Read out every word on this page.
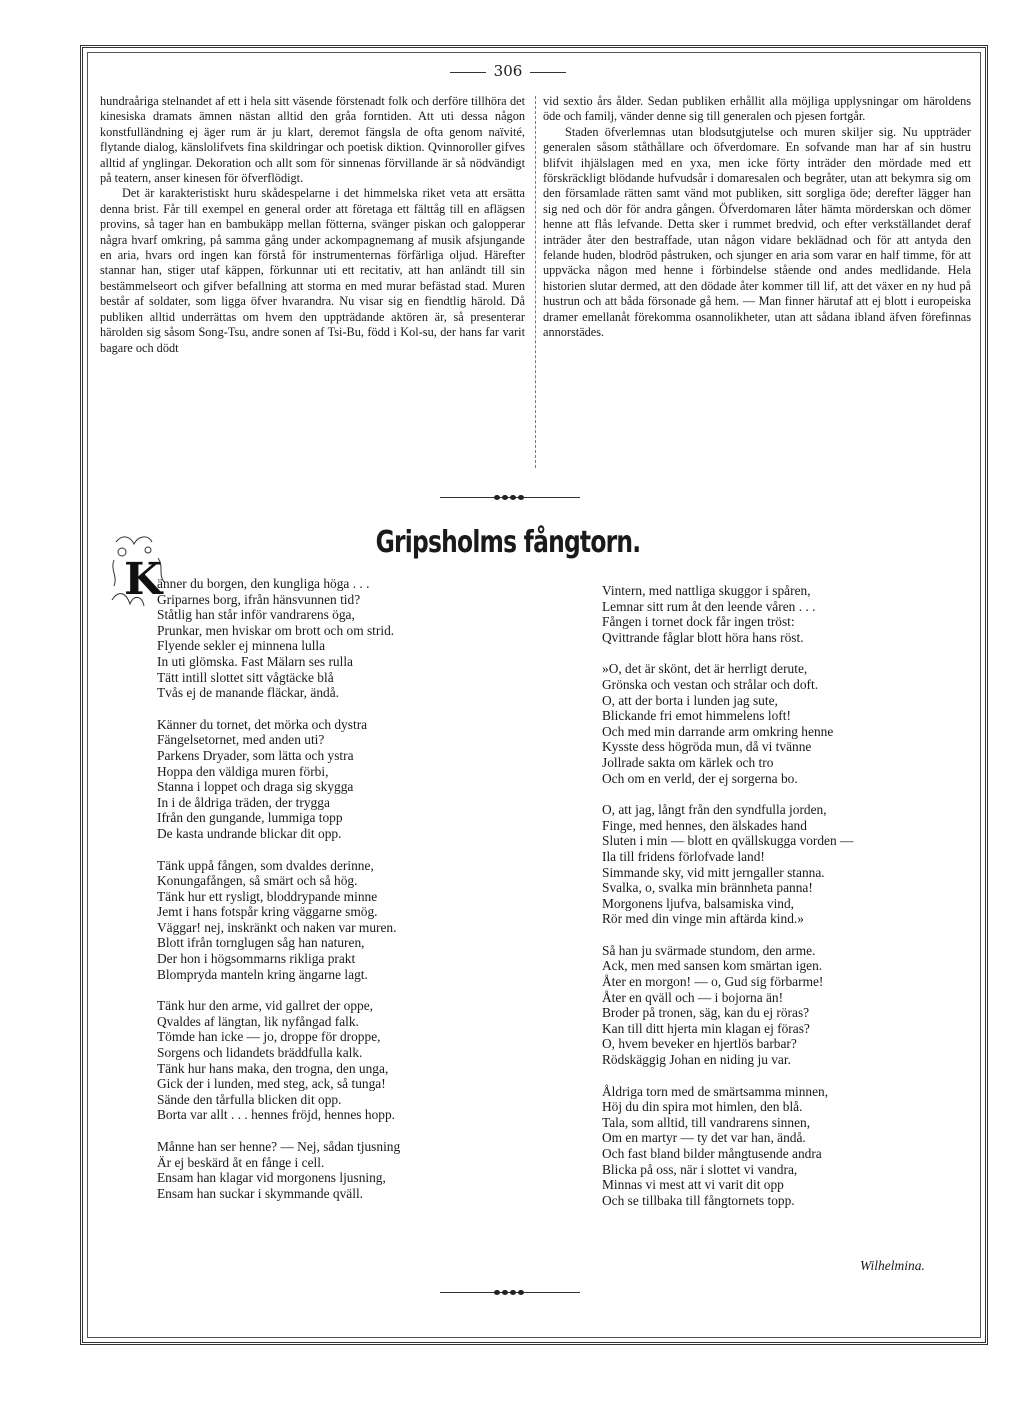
306

hundraåriga stelnandet af ett i hela sitt väsende förstenadt folk och derföre tillhöra det kinesiska dramats ämnen nästan alltid den gråa forntiden. Att uti dessa någon konstfulländning ej äger rum är ju klart, deremot fängsla de ofta genom naïvité, flytande dialog, känslolifvets fina skildringar och poetisk diktion. Qvinnoroller gifves alltid af ynglingar. Dekoration och allt som för sinnenas förvillande är så nödvändigt på teatern, anser kinesen för öfverflödigt.

Det är karakteristiskt huru skådespelarne i det himmelska riket veta att ersätta denna brist. Får till exempel en general order att företaga ett fälttåg till en aflägsen provins, så tager han en bambukäpp mellan fötterna, svänger piskan och galopperar några hvarf omkring, på samma gång under ackompagnemang af musik afsjungande en aria, hvars ord ingen kan förstå för instrumenternas förfärliga oljud. Härefter stannar han, stiger utaf käppen, förkunnar uti ett recitativ, att han anländt till sin bestämmelseort och gifver befallning att storma en med murar befästad stad. Muren består af soldater, som ligga öfver hvarandra. Nu visar sig en fiendtlig härold. Då publiken alltid underrättas om hvem den uppträdande aktören är, så presenterar härolden sig såsom Song-Tsu, andre sonen af Tsi-Bu, född i Kol-su, der hans far varit bagare och dödt

vid sextio års ålder. Sedan publiken erhållit alla möjliga upplysningar om häroldens öde och familj, vänder denne sig till generalen och pjesen fortgår.

Staden öfverlemnas utan blodsutgjutelse och muren skiljer sig. Nu uppträder generalen såsom ståthållare och öfverdomare. En sofvande man har af sin hustru blifvit ihjälslagen med en yxa, men icke förty inträder den mördade med ett förskräckligt blödande hufvudsår i domaresalen och begråter, utan att bekymra sig om den församlade rätten samt vänd mot publiken, sitt sorgliga öde; derefter lägger han sig ned och dör för andra gången. Öfverdomaren låter hämta mörderskan och dömer henne att flås lefvande. Detta sker i rummet bredvid, och efter verkställandet deraf inträder åter den bestraffade, utan någon vidare beklädnad och för att antyda den felande huden, blodröd påstruken, och sjunger en aria som varar en half timme, för att uppväcka någon med henne i förbindelse stående ond andes medlidande. Hela historien slutar dermed, att den dödade åter kommer till lif, att det växer en ny hud på hustrun och att båda försonade gå hem. — Man finner härutaf att ej blott i europeiska dramer emellanåt förekomma osannolikheter, utan att sådana ibland äfven förefinnas annorstädes.

Gripsholms fångtorn.
K
änner du borgen, den kungliga höga . . .
Griparnes borg, ifrån hänsvunnen tid?
Ståtlig han står inför vandrarens öga,
Prunkar, men hviskar om brott och om strid.
Flyende sekler ej minnena lulla
In uti glömska. Fast Mälarn ses rulla
Tätt intill slottet sitt vågtäcke blå
Tvås ej de manande fläckar, ändå.
Känner du tornet, det mörka och dystra
Fängelsetornet, med anden uti?
Parkens Dryader, som lätta och ystra
Hoppa den väldiga muren förbi,
Stanna i loppet och draga sig skygga
In i de åldriga träden, der trygga
Ifrån den gungande, lummiga topp
De kasta undrande blickar dit opp.
Tänk uppå fången, som dvaldes derinne,
Konungafången, så smärt och så hög.
Tänk hur ett rysligt, bloddrypande minne
Jemt i hans fotspår kring väggarne smög.
Väggar! nej, inskränkt och naken var muren.
Blott ifrån tornglugen såg han naturen,
Der hon i högsommarns rikliga prakt
Blompryda manteln kring ängarne lagt.
Tänk hur den arme, vid gallret der oppe,
Qvaldes af längtan, lik nyfångad falk.
Tömde han icke — jo, droppe för droppe,
Sorgens och lidandets bräddfulla kalk.
Tänk hur hans maka, den trogna, den unga,
Gick der i lunden, med steg, ack, så tunga!
Sände den tårfulla blicken dit opp.
Borta var allt . . . hennes fröjd, hennes hopp.
Månne han ser henne? — Nej, sådan tjusning
Är ej beskärd åt en fånge i cell.
Ensam han klagar vid morgonens ljusning,
Ensam han suckar i skymmande qväll.
Vintern, med nattliga skuggor i spåren,
Lemnar sitt rum åt den leende våren . . .
Fången i tornet dock får ingen tröst:
Qvittrande fåglar blott höra hans röst.
»O, det är skönt, det är herrligt derute,
Grönska och vestan och strålar och doft.
O, att der borta i lunden jag sute,
Blickande fri emot himmelens loft!
Och med min darrande arm omkring henne
Kysste dess högröda mun, då vi tvänne
Jollrade sakta om kärlek och tro
Och om en verld, der ej sorgerna bo.
O, att jag, långt från den syndfulla jorden,
Finge, med hennes, den älskades hand
Sluten i min — blott en qvällskugga vorden —
Ila till fridens förlofvade land!
Simmande sky, vid mitt jerngaller stanna.
Svalka, o, svalka min brännheta panna!
Morgonens ljufva, balsamiska vind,
Rör med din vinge min aftärda kind.»
Så han ju svärmade stundom, den arme.
Ack, men med sansen kom smärtan igen.
Åter en morgon! — o, Gud sig förbarme!
Åter en qväll och — i bojorna än!
Broder på tronen, säg, kan du ej röras?
Kan till ditt hjerta min klagan ej föras?
O, hvem beveker en hjertlös barbar?
Rödskäggig Johan en niding ju var.
Åldriga torn med de smärtsamma minnen,
Höj du din spira mot himlen, den blå.
Tala, som alltid, till vandrarens sinnen,
Om en martyr — ty det var han, ändå.
Och fast bland bilder mångtusende andra
Blicka på oss, när i slottet vi vandra,
Minnas vi mest att vi varit dit opp
Och se tillbaka till fångtornets topp.
Wilhelmina.
